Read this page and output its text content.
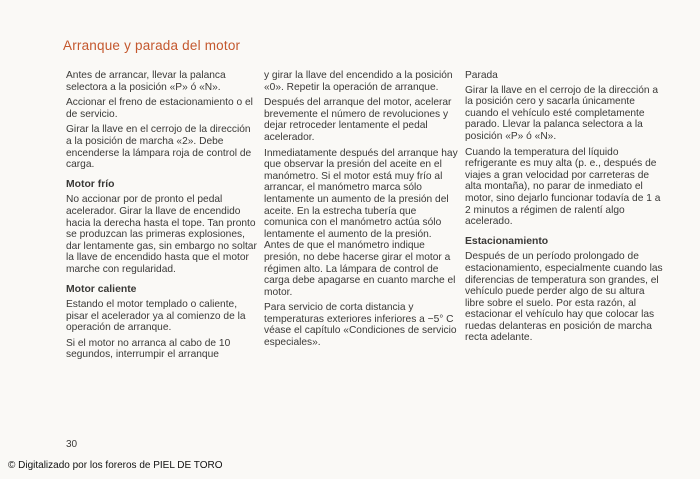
Arranque y parada del motor

Antes de arrancar, llevar la palanca selectora a la posición «P» ó «N».

Accionar el freno de estacionamiento o el de servicio.

Girar la llave en el cerrojo de la dirección a la posición de marcha «2». Debe encenderse la lámpara roja de control de carga.

Motor frío

No accionar por de pronto el pedal acelerador. Girar la llave de encendido hacia la derecha hasta el tope. Tan pronto se produzcan las primeras explosiones, dar lentamente gas, sin embargo no soltar la llave de encendido hasta que el motor marche con regularidad.

Motor caliente

Estando el motor templado o caliente, pisar el acelerador ya al comienzo de la operación de arranque.

Si el motor no arranca al cabo de 10 segundos, interrumpir el arranque

y girar la llave del encendido a la posición «0». Repetir la operación de arranque.

Después del arranque del motor, acelerar brevemente el número de revoluciones y dejar retroceder lentamente el pedal acelerador.

Inmediatamente después del arranque hay que observar la presión del aceite en el manómetro. Si el motor está muy frío al arrancar, el manómetro marca sólo lentamente un aumento de la presión del aceite. En la estrecha tubería que comunica con el manómetro actúa sólo lentamente el aumento de la presión. Antes de que el manómetro indique presión, no debe hacerse girar el motor a régimen alto. La lámpara de control de carga debe apagarse en cuanto marche el motor.

Para servicio de corta distancia y temperaturas exteriores inferiores a −5° C véase el capítulo «Condiciones de servicio especiales».

Parada

Girar la llave en el cerrojo de la dirección a la posición cero y sacarla únicamente cuando el vehículo esté completamente parado. Llevar la palanca selectora a la posición «P» ó «N».

Cuando la temperatura del líquido refrigerante es muy alta (p. e., después de viajes a gran velocidad por carreteras de alta montaña), no parar de inmediato el motor, sino dejarlo funcionar todavía de 1 a 2 minutos a régimen de ralentí algo acelerado.

Estacionamiento

Después de un período prolongado de estacionamiento, especialmente cuando las diferencias de temperatura son grandes, el vehículo puede perder algo de su altura libre sobre el suelo. Por esta razón, al estacionar el vehículo hay que colocar las ruedas delanteras en posición de marcha recta adelante.

30
© Digitalizado por los foreros de PIEL DE TORO
